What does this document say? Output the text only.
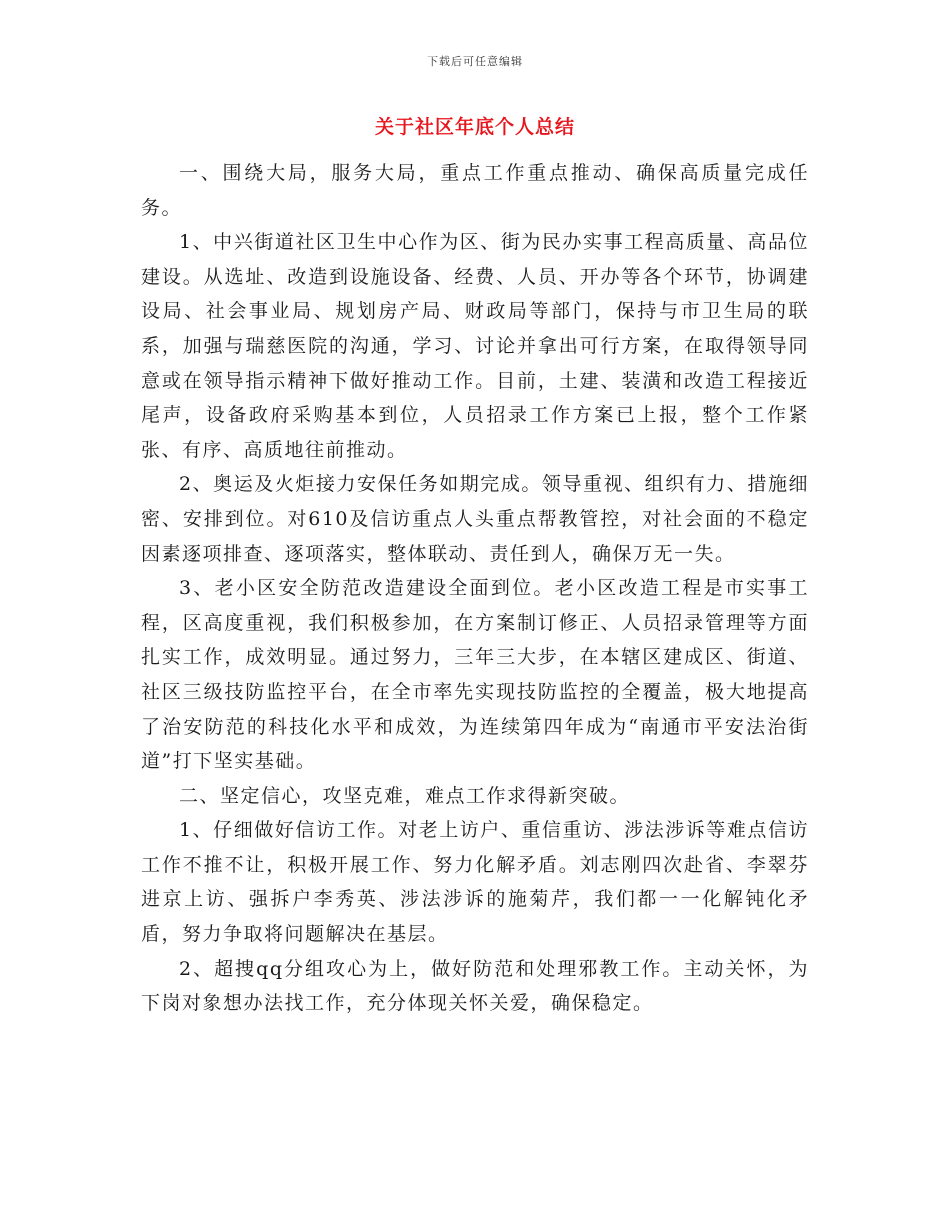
下载后可任意编辑
关于社区年底个人总结

一、围绕大局，服务大局，重点工作重点推动、确保高质量完成任务。

1、中兴街道社区卫生中心作为区、街为民办实事工程高质量、高品位建设。从选址、改造到设施设备、经费、人员、开办等各个环节，协调建设局、社会事业局、规划房产局、财政局等部门，保持与市卫生局的联系，加强与瑞慈医院的沟通，学习、讨论并拿出可行方案，在取得领导同意或在领导指示精神下做好推动工作。目前，土建、装潢和改造工程接近尾声，设备政府采购基本到位，人员招录工作方案已上报，整个工作紧张、有序、高质地往前推动。

2、奥运及火炬接力安保任务如期完成。领导重视、组织有力、措施细密、安排到位。对610及信访重点人头重点帮教管控，对社会面的不稳定因素逐项排查、逐项落实，整体联动、责任到人，确保万无一失。

3、老小区安全防范改造建设全面到位。老小区改造工程是市实事工程，区高度重视，我们积极参加，在方案制订修正、人员招录管理等方面扎实工作，成效明显。通过努力，三年三大步，在本辖区建成区、街道、社区三级技防监控平台，在全市率先实现技防监控的全覆盖，极大地提高了治安防范的科技化水平和成效，为连续第四年成为“南通市平安法治街道”打下坚实基础。

二、坚定信心，攻坚克难，难点工作求得新突破。

1、仔细做好信访工作。对老上访户、重信重访、涉法涉诉等难点信访工作不推不让，积极开展工作、努力化解矛盾。刘志刚四次赴省、李翠芬进京上访、强拆户李秀英、涉法涉诉的施菊芹，我们都一一化解钝化矛盾，努力争取将问题解决在基层。

2、超捜qq分组攻心为上，做好防范和处理邪教工作。主动关怀，为下岗对象想办法找工作，充分体现关怀关爱，确保稳定。
